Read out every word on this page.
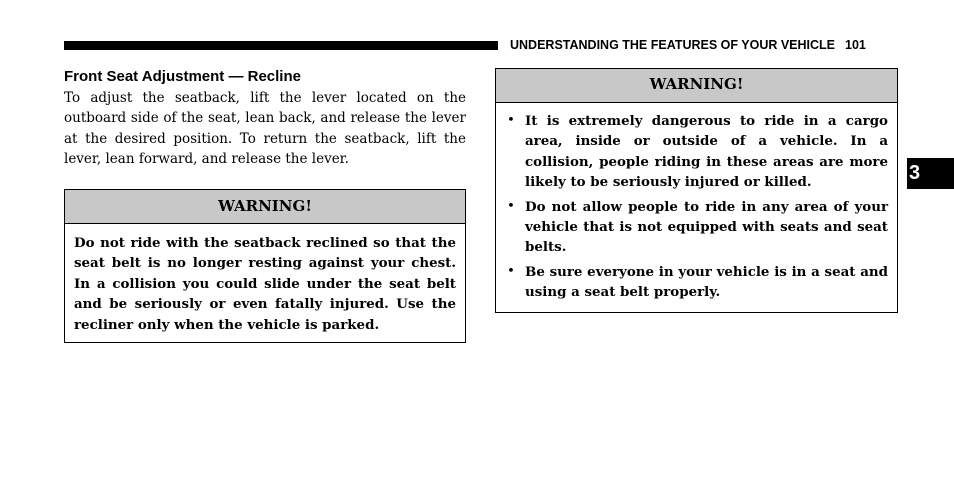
UNDERSTANDING THE FEATURES OF YOUR VEHICLE 101
Front Seat Adjustment — Recline

To adjust the seatback, lift the lever located on the outboard side of the seat, lean back, and release the lever at the desired position. To return the seatback, lift the lever, lean forward, and release the lever.

WARNING!
Do not ride with the seatback reclined so that the seat belt is no longer resting against your chest. In a collision you could slide under the seat belt and be seriously or even fatally injured. Use the recliner only when the vehicle is parked.
WARNING!
• It is extremely dangerous to ride in a cargo area, inside or outside of a vehicle. In a collision, people riding in these areas are more likely to be seriously injured or killed.
• Do not allow people to ride in any area of your vehicle that is not equipped with seats and seat belts.
• Be sure everyone in your vehicle is in a seat and using a seat belt properly.
3
